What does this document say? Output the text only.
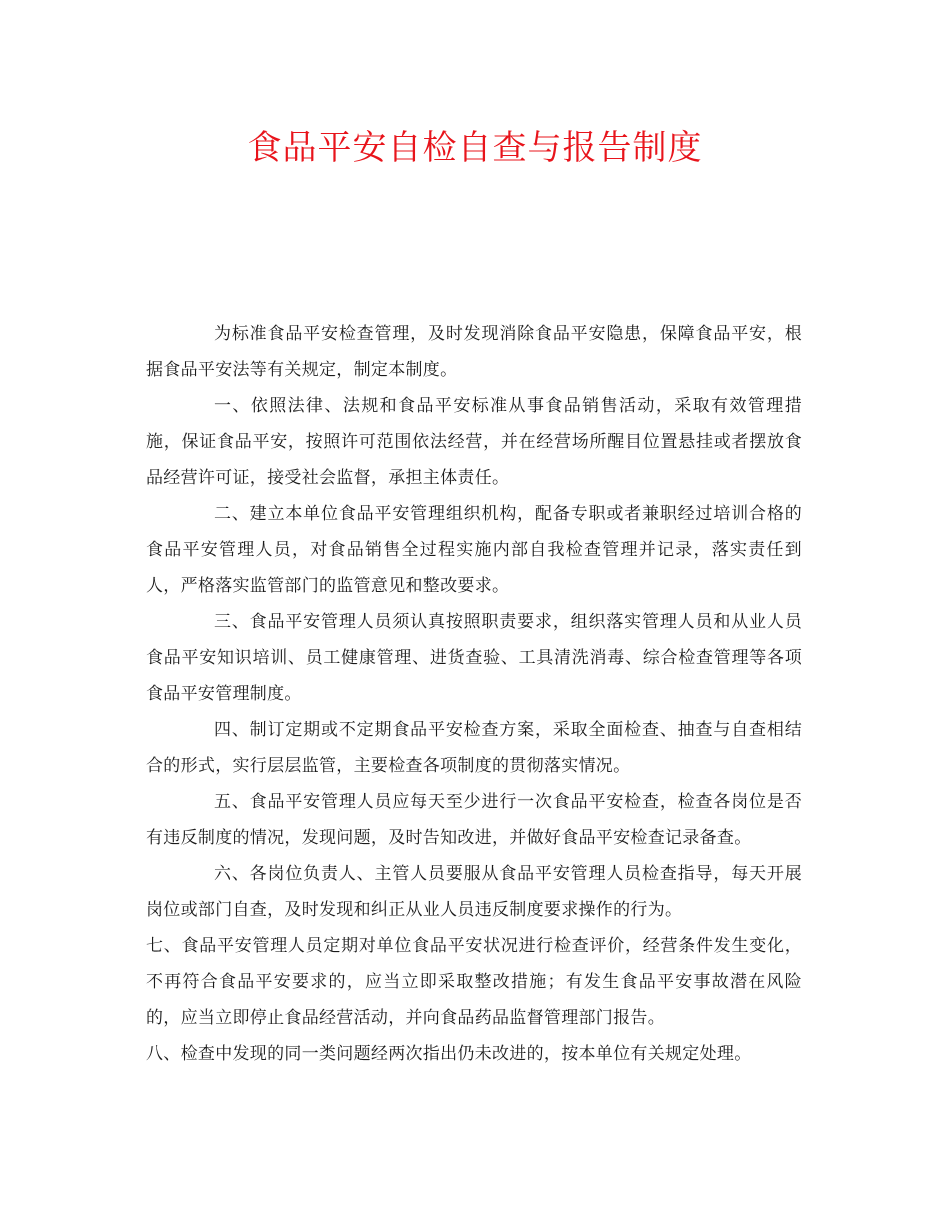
食品平安自检自查与报告制度

为标准食品平安检查管理，及时发现消除食品平安隐患，保障食品平安，根据食品平安法等有关规定，制定本制度。

一、依照法律、法规和食品平安标准从事食品销售活动，采取有效管理措施，保证食品平安，按照许可范围依法经营，并在经营场所醒目位置悬挂或者摆放食品经营许可证，接受社会监督，承担主体责任。

二、建立本单位食品平安管理组织机构，配备专职或者兼职经过培训合格的食品平安管理人员，对食品销售全过程实施内部自我检查管理并记录，落实责任到人，严格落实监管部门的监管意见和整改要求。

三、食品平安管理人员须认真按照职责要求，组织落实管理人员和从业人员食品平安知识培训、员工健康管理、进货查验、工具清洗消毒、综合检查管理等各项食品平安管理制度。

四、制订定期或不定期食品平安检查方案，采取全面检查、抽查与自查相结合的形式，实行层层监管，主要检查各项制度的贯彻落实情况。

五、食品平安管理人员应每天至少进行一次食品平安检查，检查各岗位是否有违反制度的情况，发现问题，及时告知改进，并做好食品平安检查记录备查。

六、各岗位负责人、主管人员要服从食品平安管理人员检查指导，每天开展岗位或部门自查，及时发现和纠正从业人员违反制度要求操作的行为。

七、食品平安管理人员定期对单位食品平安状况进行检查评价，经营条件发生变化，不再符合食品平安要求的，应当立即采取整改措施；有发生食品平安事故潜在风险的，应当立即停止食品经营活动，并向食品药品监督管理部门报告。

八、检查中发现的同一类问题经两次指出仍未改进的，按本单位有关规定处理。
